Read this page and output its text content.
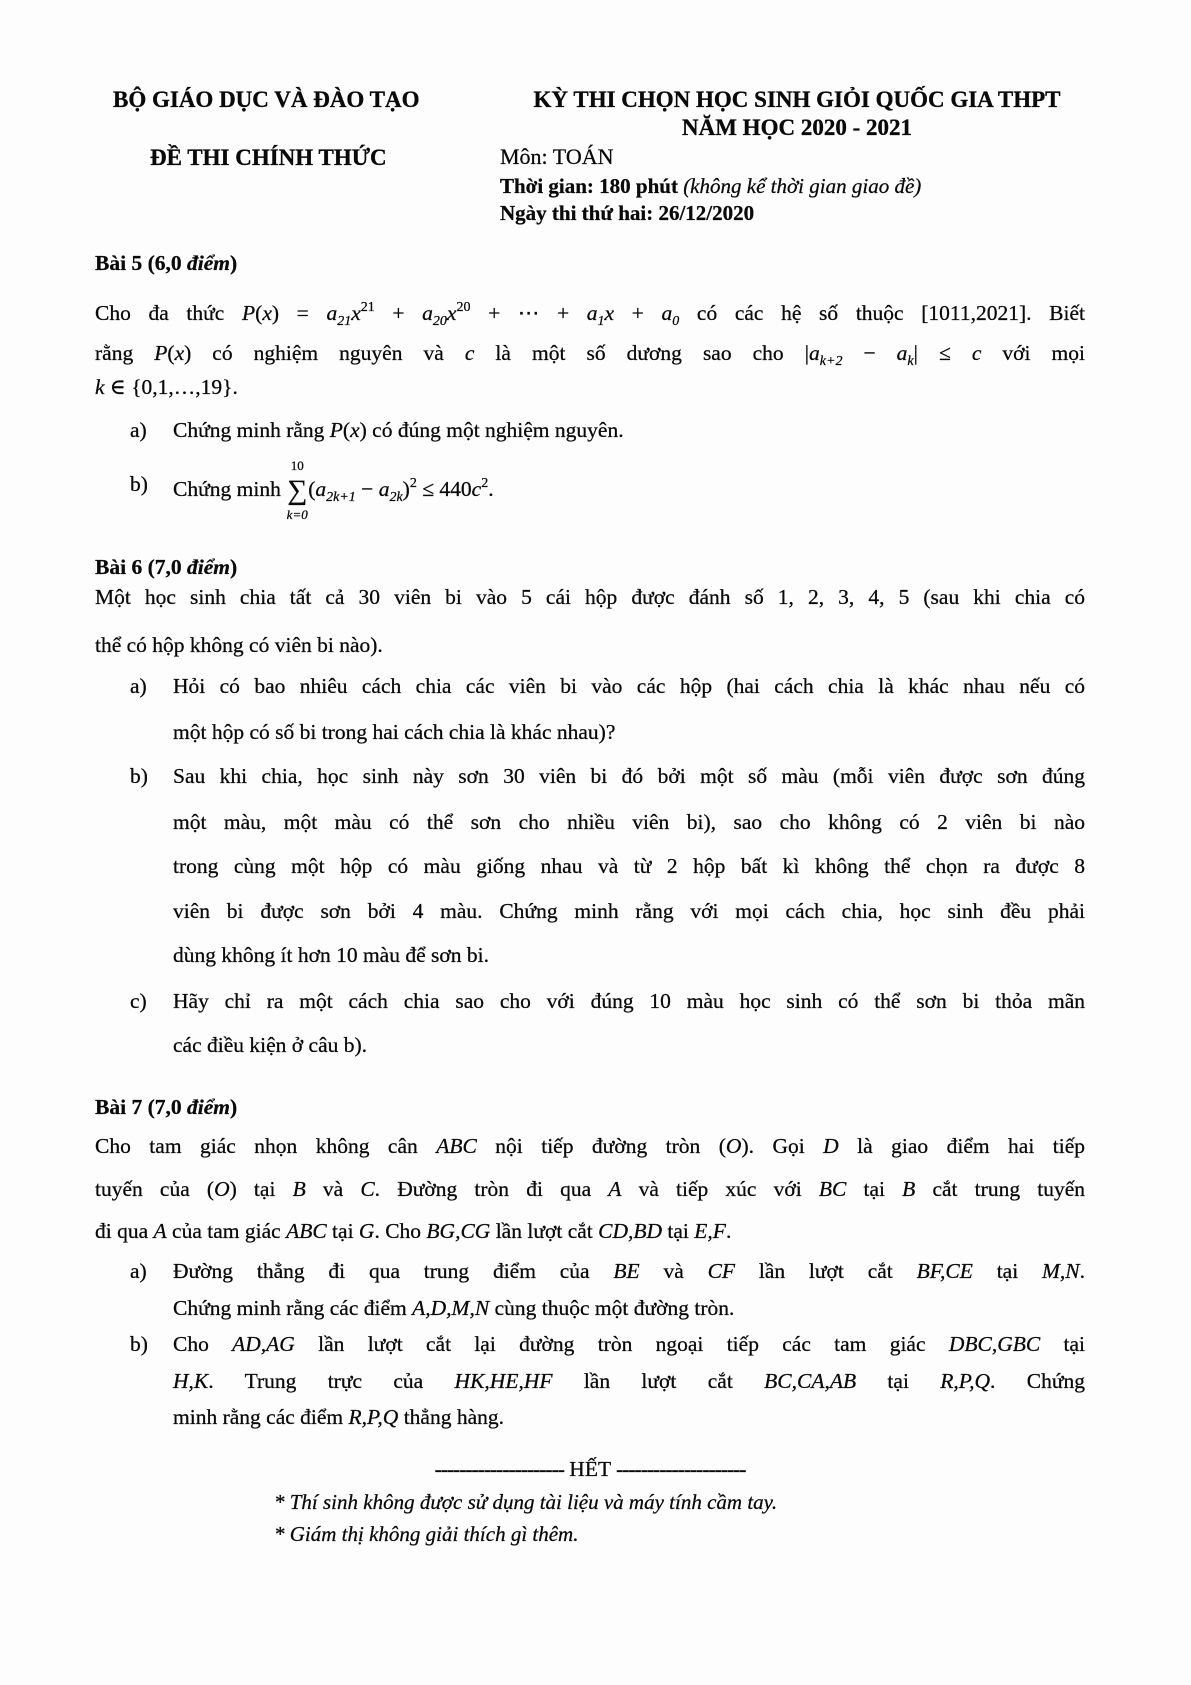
BỘ GIÁO DỤC VÀ ĐÀO TẠO
ĐỀ THI CHÍNH THỨC
KỲ THI CHỌN HỌC SINH GIỎI QUỐC GIA THPT
NĂM HỌC 2020 - 2021
Môn: TOÁN
Thời gian: 180 phút (không kể thời gian giao đề)
Ngày thi thứ hai: 26/12/2020
Bài 5 (6,0 điểm)
Cho đa thức $P(x) = a_{21}x^{21} + a_{20}x^{20}$ + ⋯ + $a_1x + a_0$ có các hệ số thuộc [1011,2021]. Biết
rằng P(x) có nghiệm nguyên và c là một số dương sao cho $|a_{k+2} - a_k| \le c$ với mọi
k ∈ {0,1,…,19}.
a) Chứng minh rằng P(x) có đúng một nghiệm nguyên.
b) Chứng minh
10
∑
k=0
$(a_{2k+1} - a_{2k})^2 \le 440c^2$.
Bài 6 (7,0 điểm)
Một học sinh chia tất cả 30 viên bi vào 5 cái hộp được đánh số 1, 2, 3, 4, 5 (sau khi chia có
thể có hộp không có viên bi nào).
a) Hỏi có bao nhiêu cách chia các viên bi vào các hộp (hai cách chia là khác nhau nếu có
một hộp có số bi trong hai cách chia là khác nhau)?
b) Sau khi chia, học sinh này sơn 30 viên bi đó bởi một số màu (mỗi viên được sơn đúng
một màu, một màu có thể sơn cho nhiều viên bi), sao cho không có 2 viên bi nào
trong cùng một hộp có màu giống nhau và từ 2 hộp bất kì không thể chọn ra được 8
viên bi được sơn bởi 4 màu. Chứng minh rằng với mọi cách chia, học sinh đều phải
dùng không ít hơn 10 màu để sơn bi.
c) Hãy chỉ ra một cách chia sao cho với đúng 10 màu học sinh có thể sơn bi thỏa mãn
các điều kiện ở câu b).
Bài 7 (7,0 điểm)
Cho tam giác nhọn không cân ABC nội tiếp đường tròn (O). Gọi D là giao điểm hai tiếp
tuyến của (O) tại B và C. Đường tròn đi qua A và tiếp xúc với BC tại B cắt trung tuyến
đi qua A của tam giác ABC tại G. Cho BG,CG lần lượt cắt CD,BD tại E,F.
a) Đường thẳng đi qua trung điểm của BE và CF lần lượt cắt BF,CE tại M,N.
Chứng minh rằng các điểm A,D,M,N cùng thuộc một đường tròn.
b) Cho AD,AG lần lượt cắt lại đường tròn ngoại tiếp các tam giác DBC,GBC tại
H,K. Trung trực của HK,HE,HF lần lượt cắt BC,CA,AB tại R,P,Q. Chứng
minh rằng các điểm R,P,Q thẳng hàng.
--------------------- HẾT ---------------------
* Thí sinh không được sử dụng tài liệu và máy tính cầm tay.
* Giám thị không giải thích gì thêm.
